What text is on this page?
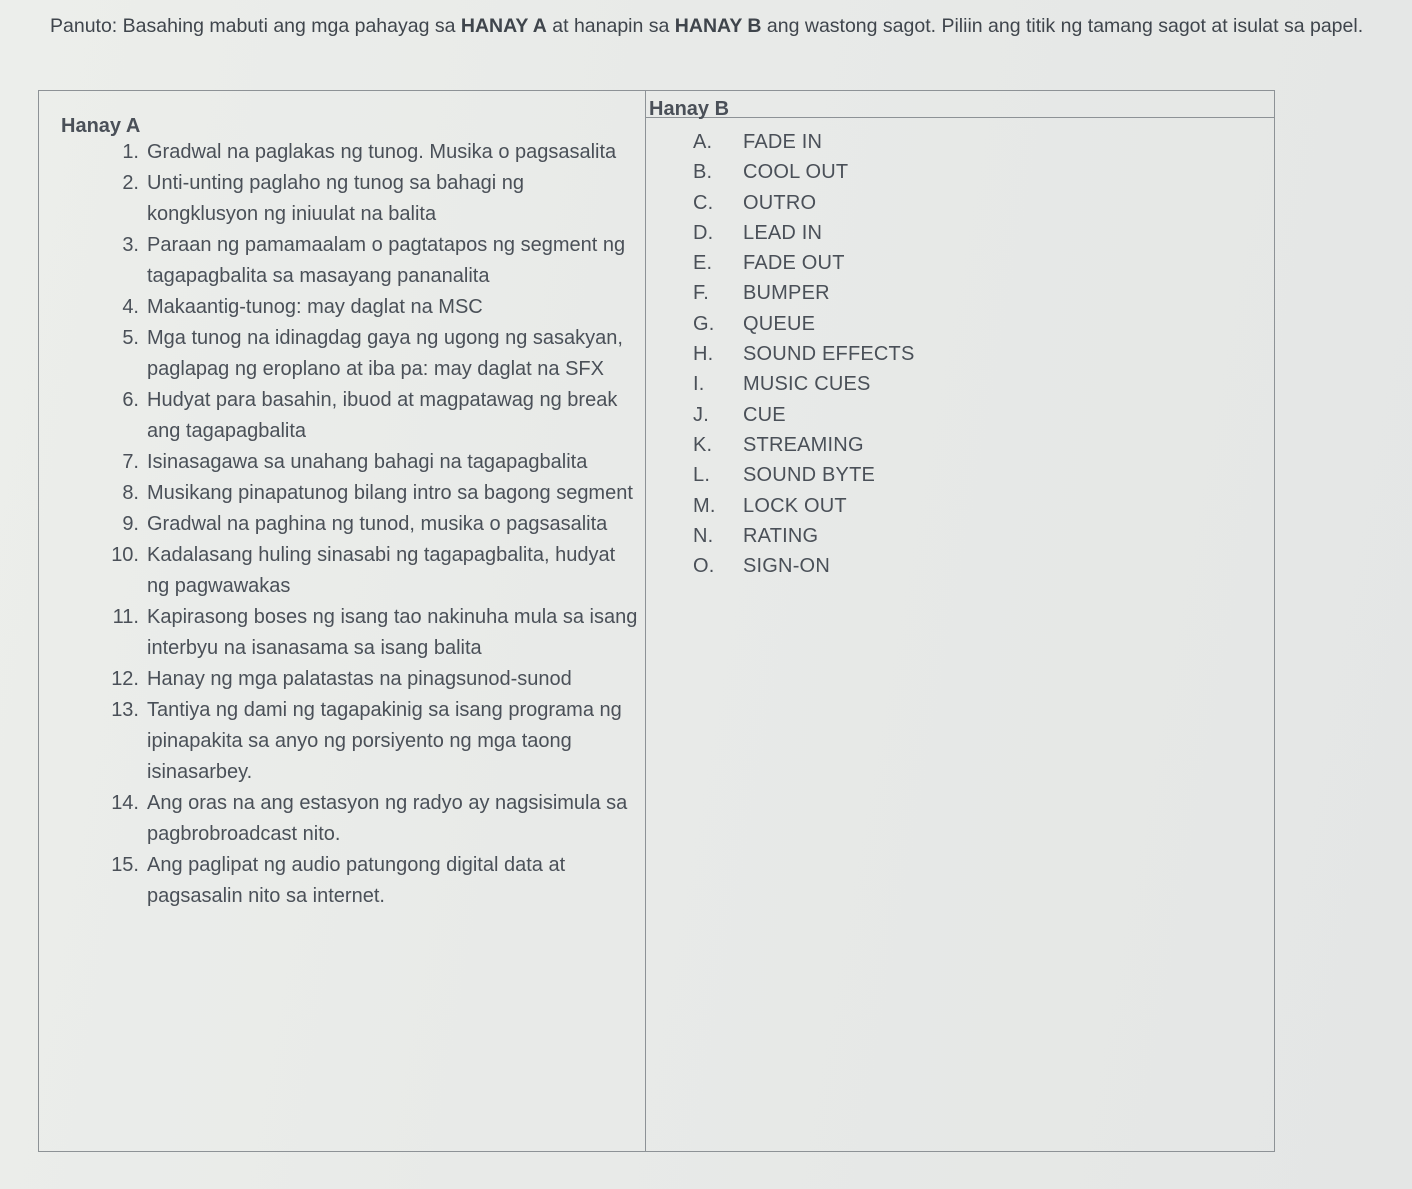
Panuto: Basahing mabuti ang mga pahayag sa HANAY A at hanapin sa HANAY B ang wastong sagot. Piliin ang titik ng tamang sagot at isulat sa papel.
Hanay A
Hanay B
1. Gradwal na paglakas ng tunog. Musika o pagsasalita
2. Unti-unting paglaho ng tunog sa bahagi ng kongklusyon ng iniuulat na balita
3. Paraan ng pamamaalam o pagtatapos ng segment ng tagapagbalita sa masayang pananalita
4. Makaantig-tunog: may daglat na MSC
5. Mga tunog na idinagdag gaya ng ugong ng sasakyan, paglapag ng eroplano at iba pa: may daglat na SFX
6. Hudyat para basahin, ibuod at magpatawag ng break ang tagapagbalita
7. Isinasagawa sa unahang bahagi na tagapagbalita
8. Musikang pinapatunog bilang intro sa bagong segment
9. Gradwal na paghina ng tunod, musika o pagsasalita
10. Kadalasang huling sinasabi ng tagapagbalita, hudyat ng pagwawakas
11. Kapirasong boses ng isang tao nakinuha mula sa isang interbyu na isanasama sa isang balita
12. Hanay ng mga palatastas na pinagsunod-sunod
13. Tantiya ng dami ng tagapakinig sa isang programa ng ipinapakita sa anyo ng porsiyento ng mga taong isinasarbey.
14. Ang oras na ang estasyon ng radyo ay nagsisimula sa pagbrobroadcast nito.
15. Ang paglipat ng audio patungong digital data at pagsasalin nito sa internet.
A. FADE IN
B. COOL OUT
C. OUTRO
D. LEAD IN
E. FADE OUT
F. BUMPER
G. QUEUE
H. SOUND EFFECTS
I. MUSIC CUES
J. CUE
K. STREAMING
L. SOUND BYTE
M. LOCK OUT
N. RATING
O. SIGN-ON
